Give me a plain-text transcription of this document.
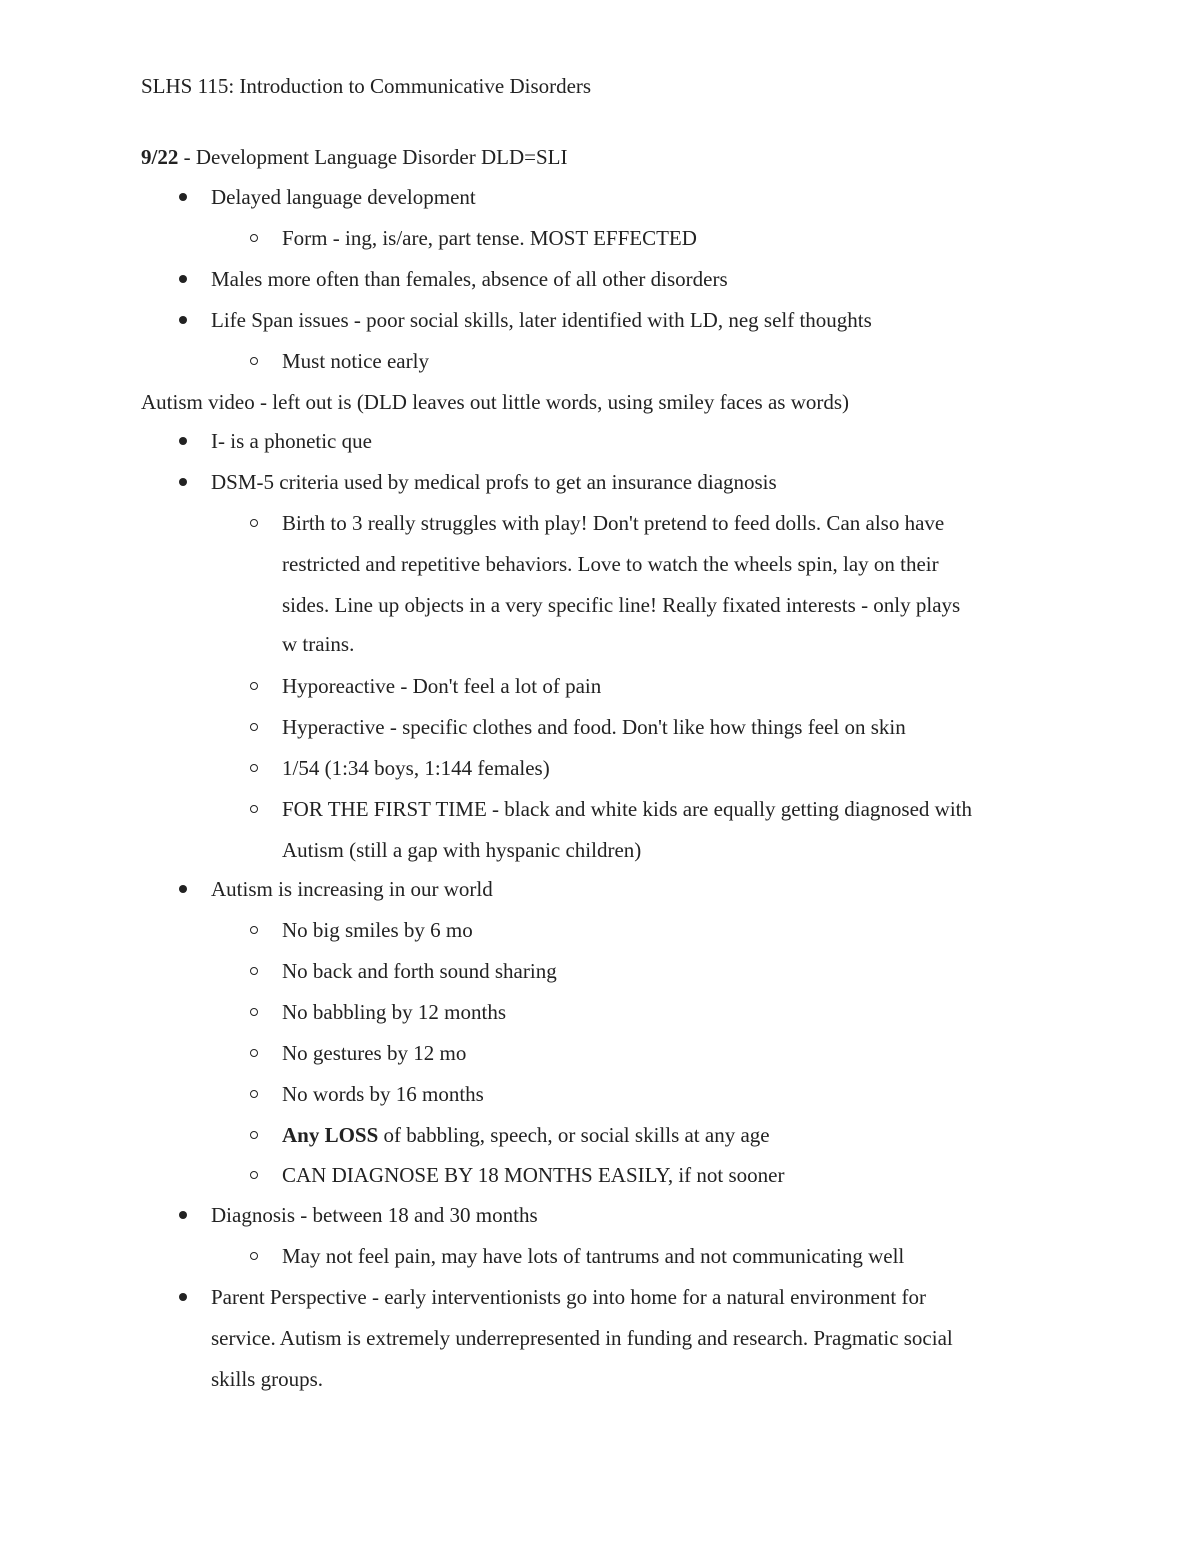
SLHS 115: Introduction to Communicative Disorders
9/22 - Development Language Disorder DLD=SLI
Delayed language development
Form - ing, is/are, part tense. MOST EFFECTED
Males more often than females, absence of all other disorders
Life Span issues - poor social skills, later identified with LD, neg self thoughts
Must notice early
Autism video - left out is (DLD leaves out little words, using smiley faces as words)
I- is a phonetic que
DSM-5 criteria used by medical profs to get an insurance diagnosis
Birth to 3 really struggles with play! Don't pretend to feed dolls. Can also have
restricted and repetitive behaviors. Love to watch the wheels spin, lay on their
sides. Line up objects in a very specific line! Really fixated interests - only plays
w trains.
Hyporeactive - Don't feel a lot of pain
Hyperactive - specific clothes and food. Don't like how things feel on skin
1/54 (1:34 boys, 1:144 females)
FOR THE FIRST TIME - black and white kids are equally getting diagnosed with
Autism (still a gap with hyspanic children)
Autism is increasing in our world
No big smiles by 6 mo
No back and forth sound sharing
No babbling by 12 months
No gestures by 12 mo
No words by 16 months
Any LOSS of babbling, speech, or social skills at any age
CAN DIAGNOSE BY 18 MONTHS EASILY, if not sooner
Diagnosis - between 18 and 30 months
May not feel pain, may have lots of tantrums and not communicating well
Parent Perspective - early interventionists go into home for a natural environment for
service. Autism is extremely underrepresented in funding and research. Pragmatic social
skills groups.
